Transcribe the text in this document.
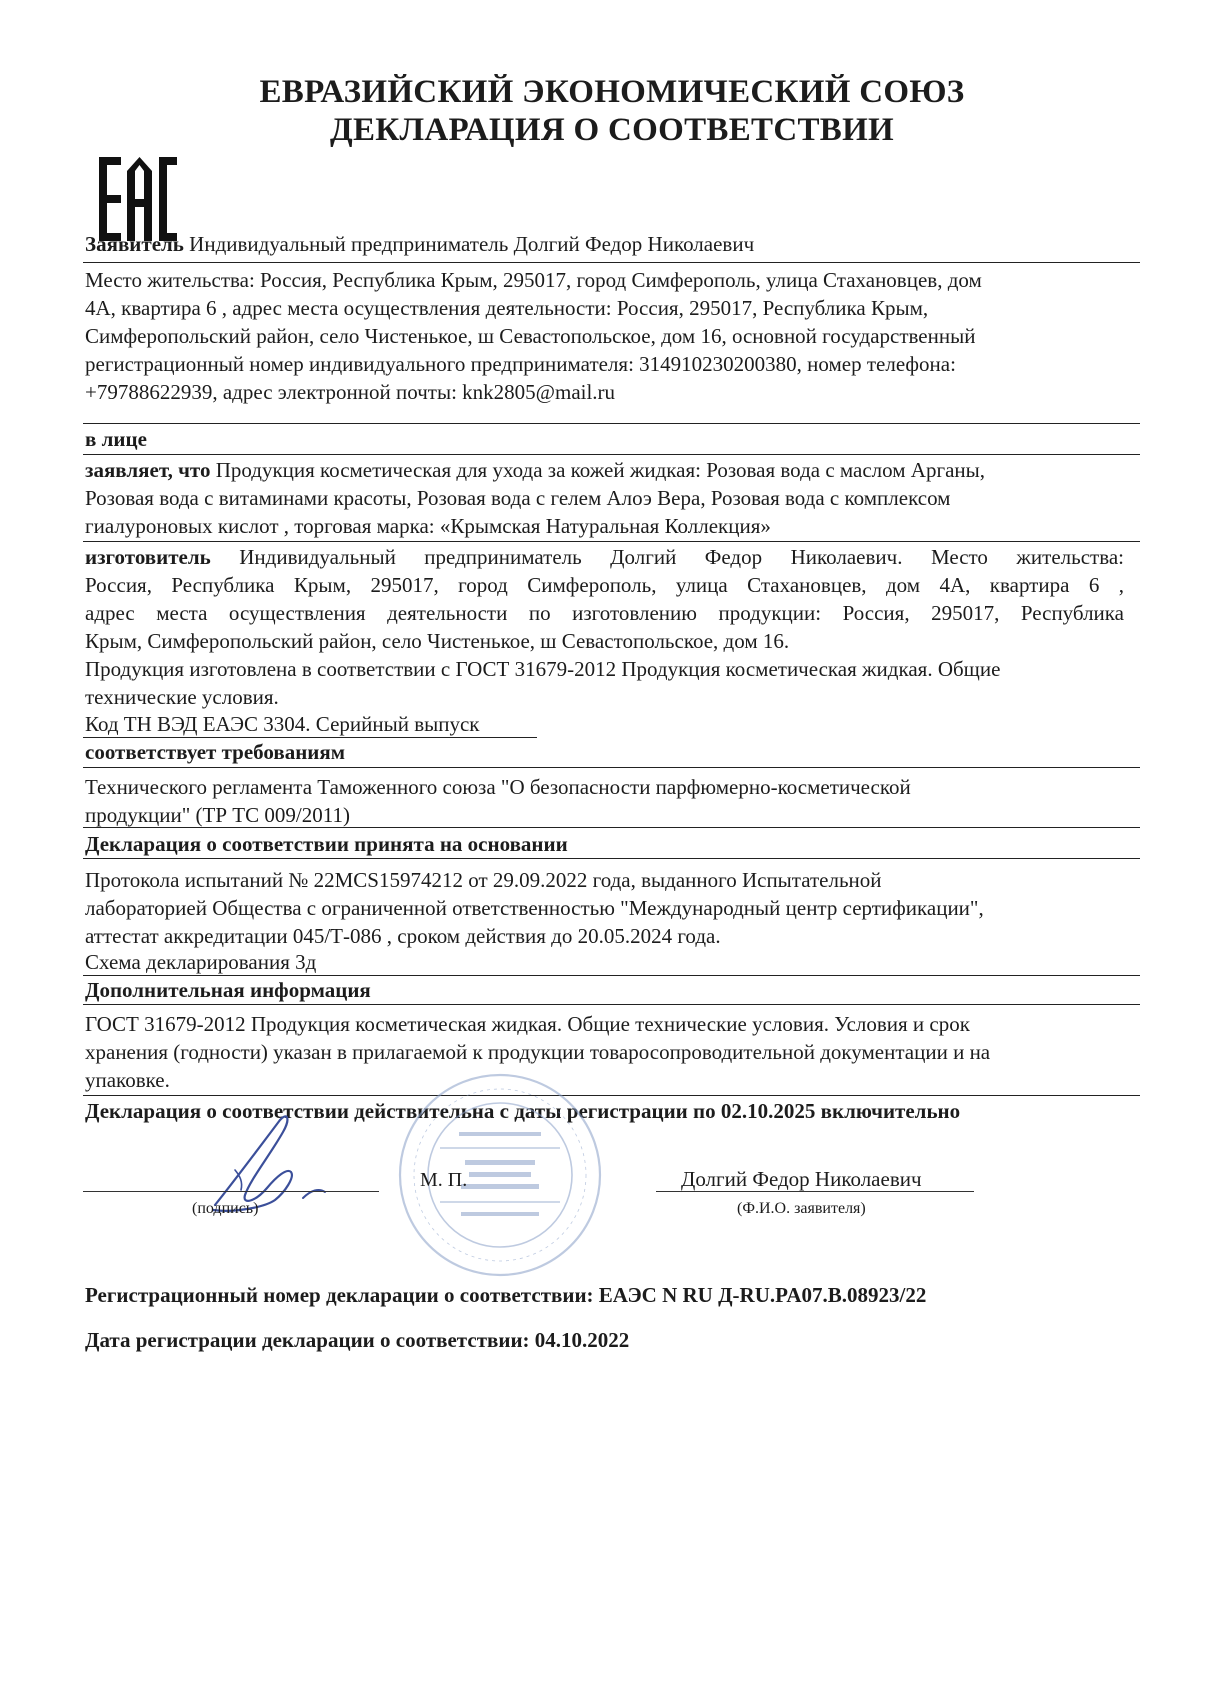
ЕВРАЗИЙСКИЙ ЭКОНОМИЧЕСКИЙ СОЮЗ
ДЕКЛАРАЦИЯ О СООТВЕТСТВИИ
Заявитель Индивидуальный предприниматель Долгий Федор Николаевич
Место жительства: Россия, Республика Крым, 295017, город Симферополь, улица Стахановцев, дом
4А, квартира 6 , адрес места осуществления деятельности: Россия, 295017, Республика Крым,
Симферопольский район, село Чистенькое, ш Севастопольское, дом 16, основной государственный
регистрационный номер индивидуального предпринимателя: 314910230200380, номер телефона:
+79788622939, адрес электронной почты: knk2805@mail.ru
в лице
заявляет, что Продукция косметическая для ухода за кожей жидкая: Розовая вода с маслом Арганы,
Розовая вода с витаминами красоты, Розовая вода с гелем Алоэ Вера, Розовая вода с комплексом
гиалуроновых кислот , торговая марка: «Крымская Натуральная Коллекция»
изготовитель Индивидуальный предприниматель Долгий Федор Николаевич. Место жительства:
Россия, Республика Крым, 295017, город Симферополь, улица Стахановцев, дом 4А, квартира 6 ,
адрес места осуществления деятельности по изготовлению продукции: Россия, 295017, Республика
Крым, Симферопольский район, село Чистенькое, ш Севастопольское, дом 16.
Продукция изготовлена в соответствии с ГОСТ 31679-2012 Продукция косметическая жидкая. Общие
технические условия.
Код ТН ВЭД ЕАЭС 3304. Серийный выпуск
соответствует требованиям
Технического регламента Таможенного союза "О безопасности парфюмерно-косметической
продукции" (ТР ТС 009/2011)
Декларация о соответствии принята на основании
Протокола испытаний № 22MCS15974212 от 29.09.2022 года, выданного Испытательной
лабораторией Общества с ограниченной ответственностью "Международный центр сертификации",
аттестат аккредитации 045/Т-086 , сроком действия до 20.05.2024 года.
Схема декларирования 3д
Дополнительная информация
ГОСТ 31679-2012 Продукция косметическая жидкая. Общие технические условия. Условия и срок
хранения (годности) указан в прилагаемой к продукции товаросопроводительной документации и на
упаковке.
Декларация о соответствии действительна с даты регистрации по 02.10.2025 включительно
М. П.	Долгий Федор Николаевич
(подпись)	(Ф.И.О. заявителя)
Регистрационный номер декларации о соответствии: ЕАЭС N RU Д-RU.PA07.B.08923/22
Дата регистрации декларации о соответствии: 04.10.2022
